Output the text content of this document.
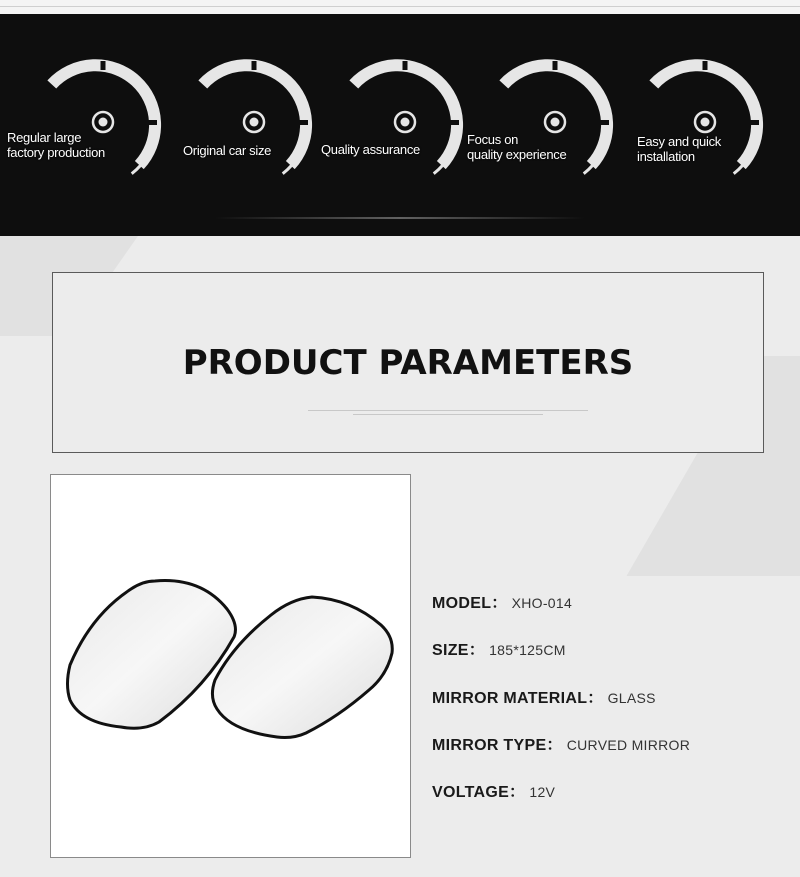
Regular large
factory production	Original car size	Quality assurance
Focus on
quality experience
Easy and quick
installation
PRODUCT PARAMETERS
MODEL： XHO-014
SIZE： 185*125CM
MIRROR MATERIAL： GLASS
MIRROR TYPE： CURVED MIRROR
VOLTAGE： 12V
